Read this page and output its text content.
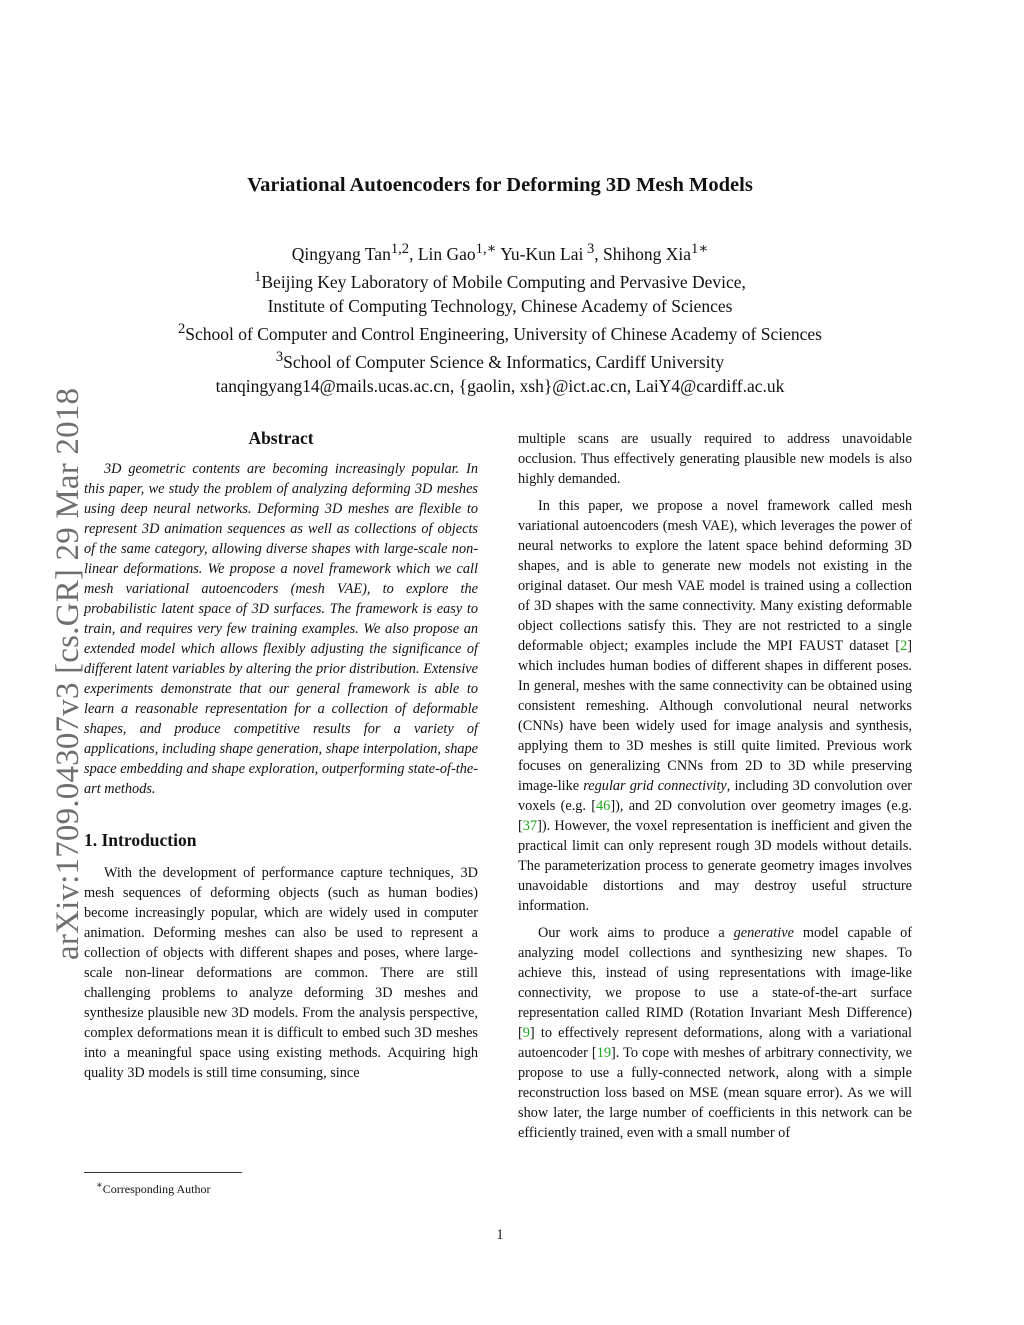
arXiv:1709.04307v3 [cs.GR] 29 Mar 2018
Variational Autoencoders for Deforming 3D Mesh Models
Qingyang Tan$^{1,2}$, Lin Gao$^{1,∗}$ Yu-Kun Lai $^3$, Shihong Xia$^{1∗}$
$^1$Beijing Key Laboratory of Mobile Computing and Pervasive Device,
Institute of Computing Technology, Chinese Academy of Sciences
$^2$School of Computer and Control Engineering, University of Chinese Academy of Sciences
$^3$School of Computer Science & Informatics, Cardiff University
tanqingyang14@mails.ucas.ac.cn, {gaolin, xsh}@ict.ac.cn, LaiY4@cardiff.ac.uk
Abstract

3D geometric contents are becoming increasingly popular. In this paper, we study the problem of analyzing deforming 3D meshes using deep neural networks. Deforming 3D meshes are flexible to represent 3D animation sequences as well as collections of objects of the same category, allowing diverse shapes with large-scale non-linear deformations. We propose a novel framework which we call mesh variational autoencoders (mesh VAE), to explore the probabilistic latent space of 3D surfaces. The framework is easy to train, and requires very few training examples. We also propose an extended model which allows flexibly adjusting the significance of different latent variables by altering the prior distribution. Extensive experiments demonstrate that our general framework is able to learn a reasonable representation for a collection of deformable shapes, and produce competitive results for a variety of applications, including shape generation, shape interpolation, shape space embedding and shape exploration, outperforming state-of-the-art methods.

1. Introduction

With the development of performance capture techniques, 3D mesh sequences of deforming objects (such as human bodies) become increasingly popular, which are widely used in computer animation. Deforming meshes can also be used to represent a collection of objects with different shapes and poses, where large-scale non-linear deformations are common. There are still challenging problems to analyze deforming 3D meshes and synthesize plausible new 3D models. From the analysis perspective, complex deformations mean it is difficult to embed such 3D meshes into a meaningful space using existing methods. Acquiring high quality 3D models is still time consuming, since

multiple scans are usually required to address unavoidable occlusion. Thus effectively generating plausible new models is also highly demanded.

In this paper, we propose a novel framework called mesh variational autoencoders (mesh VAE), which leverages the power of neural networks to explore the latent space behind deforming 3D shapes, and is able to generate new models not existing in the original dataset. Our mesh VAE model is trained using a collection of 3D shapes with the same connectivity. Many existing deformable object collections satisfy this. They are not restricted to a single deformable object; examples include the MPI FAUST dataset [2] which includes human bodies of different shapes in different poses. In general, meshes with the same connectivity can be obtained using consistent remeshing. Although convolutional neural networks (CNNs) have been widely used for image analysis and synthesis, applying them to 3D meshes is still quite limited. Previous work focuses on generalizing CNNs from 2D to 3D while preserving image-like regular grid connectivity, including 3D convolution over voxels (e.g. [46]), and 2D convolution over geometry images (e.g. [37]). However, the voxel representation is inefficient and given the practical limit can only represent rough 3D models without details. The parameterization process to generate geometry images involves unavoidable distortions and may destroy useful structure information.

Our work aims to produce a generative model capable of analyzing model collections and synthesizing new shapes. To achieve this, instead of using representations with image-like connectivity, we propose to use a state-of-the-art surface representation called RIMD (Rotation Invariant Mesh Difference) [9] to effectively represent deformations, along with a variational autoencoder [19]. To cope with meshes of arbitrary connectivity, we propose to use a fully-connected network, along with a simple reconstruction loss based on MSE (mean square error). As we will show later, the large number of coefficients in this network can be efficiently trained, even with a small number of

∗Corresponding Author
1
